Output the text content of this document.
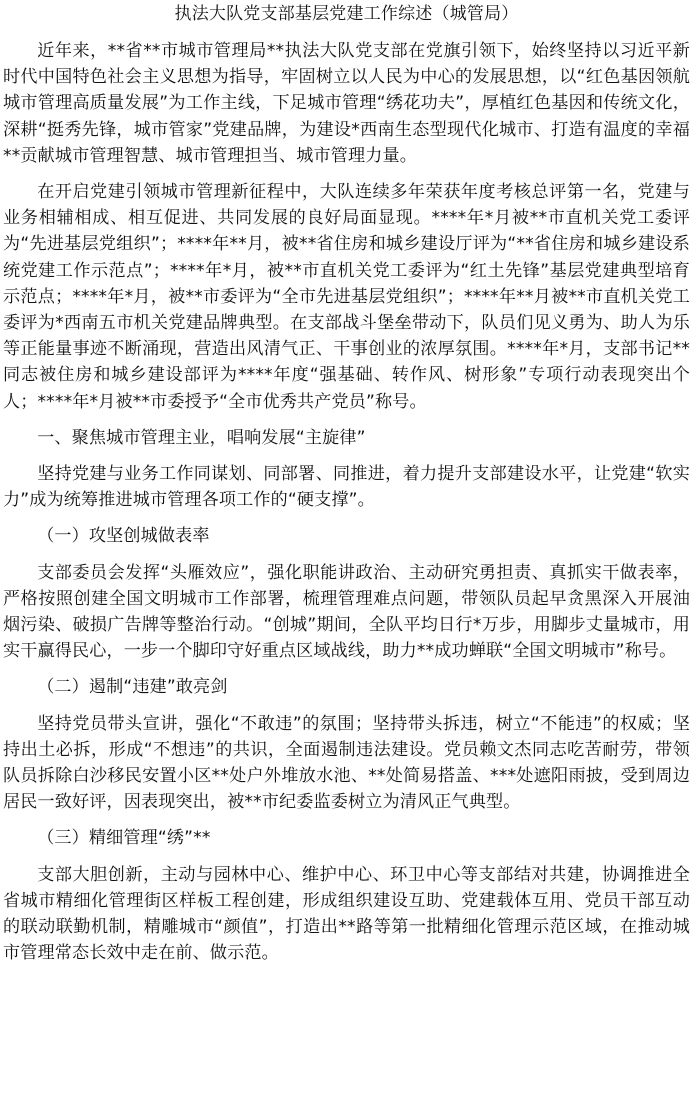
执法大队党支部基层党建工作综述（城管局）

近年来，**省**市城市管理局**执法大队党支部在党旗引领下，始终坚持以习近平新时代中国特色社会主义思想为指导，牢固树立以人民为中心的发展思想，以“红色基因领航城市管理高质量发展”为工作主线，下足城市管理“绣花功夫”，厚植红色基因和传统文化，深耕“挺秀先锋，城市管家”党建品牌，为建设*西南生态型现代化城市、打造有温度的幸福**贡献城市管理智慧、城市管理担当、城市管理力量。

在开启党建引领城市管理新征程中，大队连续多年荣获年度考核总评第一名，党建与业务相辅相成、相互促进、共同发展的良好局面显现。****年*月被**市直机关党工委评为“先进基层党组织”；****年**月，被**省住房和城乡建设厅评为“**省住房和城乡建设系统党建工作示范点”；****年*月，被**市直机关党工委评为“红土先锋”基层党建典型培育示范点；****年*月，被**市委评为“全市先进基层党组织”；****年**月被**市直机关党工委评为*西南五市机关党建品牌典型。在支部战斗堡垒带动下，队员们见义勇为、助人为乐等正能量事迹不断涌现，营造出风清气正、干事创业的浓厚氛围。****年*月，支部书记**同志被住房和城乡建设部评为****年度“强基础、转作风、树形象”专项行动表现突出个人；****年*月被**市委授予“全市优秀共产党员”称号。

一、聚焦城市管理主业，唱响发展“主旋律”

坚持党建与业务工作同谋划、同部署、同推进，着力提升支部建设水平，让党建“软实力”成为统筹推进城市管理各项工作的“硬支撑”。

（一）攻坚创城做表率

支部委员会发挥“头雁效应”，强化职能讲政治、主动研究勇担责、真抓实干做表率，严格按照创建全国文明城市工作部署，梳理管理难点问题，带领队员起早贪黑深入开展油烟污染、破损广告牌等整治行动。“创城”期间，全队平均日行*万步，用脚步丈量城市，用实干赢得民心，一步一个脚印守好重点区域战线，助力**成功蝉联“全国文明城市”称号。

（二）遏制“违建”敢亮剑

坚持党员带头宣讲，强化“不敢违”的氛围；坚持带头拆违，树立“不能违”的权威；坚持出土必拆，形成“不想违”的共识，全面遏制违法建设。党员赖文杰同志吃苦耐劳，带领队员拆除白沙移民安置小区**处户外堆放水池、**处简易搭盖、***处遮阳雨披，受到周边居民一致好评，因表现突出，被**市纪委监委树立为清风正气典型。

（三）精细管理“绣”**

支部大胆创新，主动与园林中心、维护中心、环卫中心等支部结对共建，协调推进全省城市精细化管理街区样板工程创建，形成组织建设互助、党建载体互用、党员干部互动的联动联勤机制，精雕城市“颜值”，打造出**路等第一批精细化管理示范区域，在推动城市管理常态长效中走在前、做示范。
